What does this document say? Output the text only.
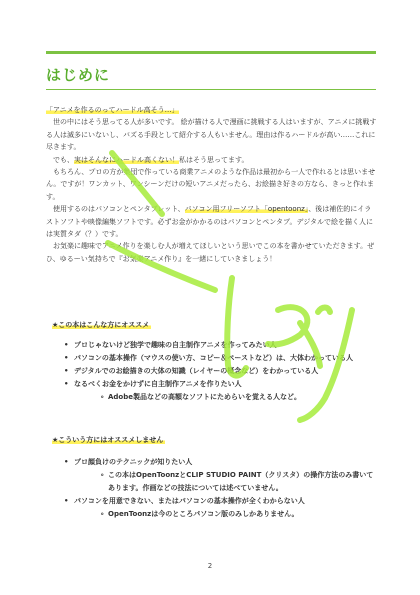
はじめに

「アニメを作るのってハードル高そう…」

　世の中にはそう思ってる人が多いです。 絵が描ける人で漫画に挑戦する人はいますが、アニメに挑戦する人は滅多にいないし、バズる手段として紹介する人もいません。理由は作るハードルが高い……これに尽きます。

　でも、実はそんなにハードル高くない！私はそう思ってます。

　もちろん、プロの方が集団で作っている商業アニメのような作品は最初から一人で作れるとは思いません。ですが！ワンカット、ワンシーンだけの短いアニメだったら、お絵描き好きの方なら、きっと作れます。

　使用するのはパソコンとペンタブレット、パソコン用フリーソフト「opentoonz」、後は補佐的にイラストソフトや映像編集ソフトです。必ずお金がかかるのはパソコンとペンタブ。デジタルで絵を描く人には実質タダ（？）です。

　お気楽に趣味でアニメ作りを楽しむ人が増えてほしいという思いでこの本を書かせていただきます。ぜひ、ゆるーい気持ちで『お気楽アニメ作り』を一緒にしていきましょう！

★この本はこんな方にオススメ
• プロじゃないけど独学で趣味の自主制作アニメを作ってみたい人
• パソコンの基本操作（マウスの使い方、コピー＆ペーストなど）は、大体わかっている人
• デジタルでのお絵描きの大体の知識（レイヤーの概念など）をわかっている人
• なるべくお金をかけずに自主制作アニメを作りたい人
∘ Adobe製品などの高額なソフトにためらいを覚える人など。
★こういう方にはオススメしません
• プロ顔負けのテクニックが知りたい人
∘ この本はOpenToonzとCLIP STUDIO PAINT（クリスタ）の操作方法のみ書いてあります。作画などの技法については述べていません。
• パソコンを用意できない、またはパソコンの基本操作が全くわからない人
∘ OpenToonzは今のところパソコン版のみしかありません。
2
